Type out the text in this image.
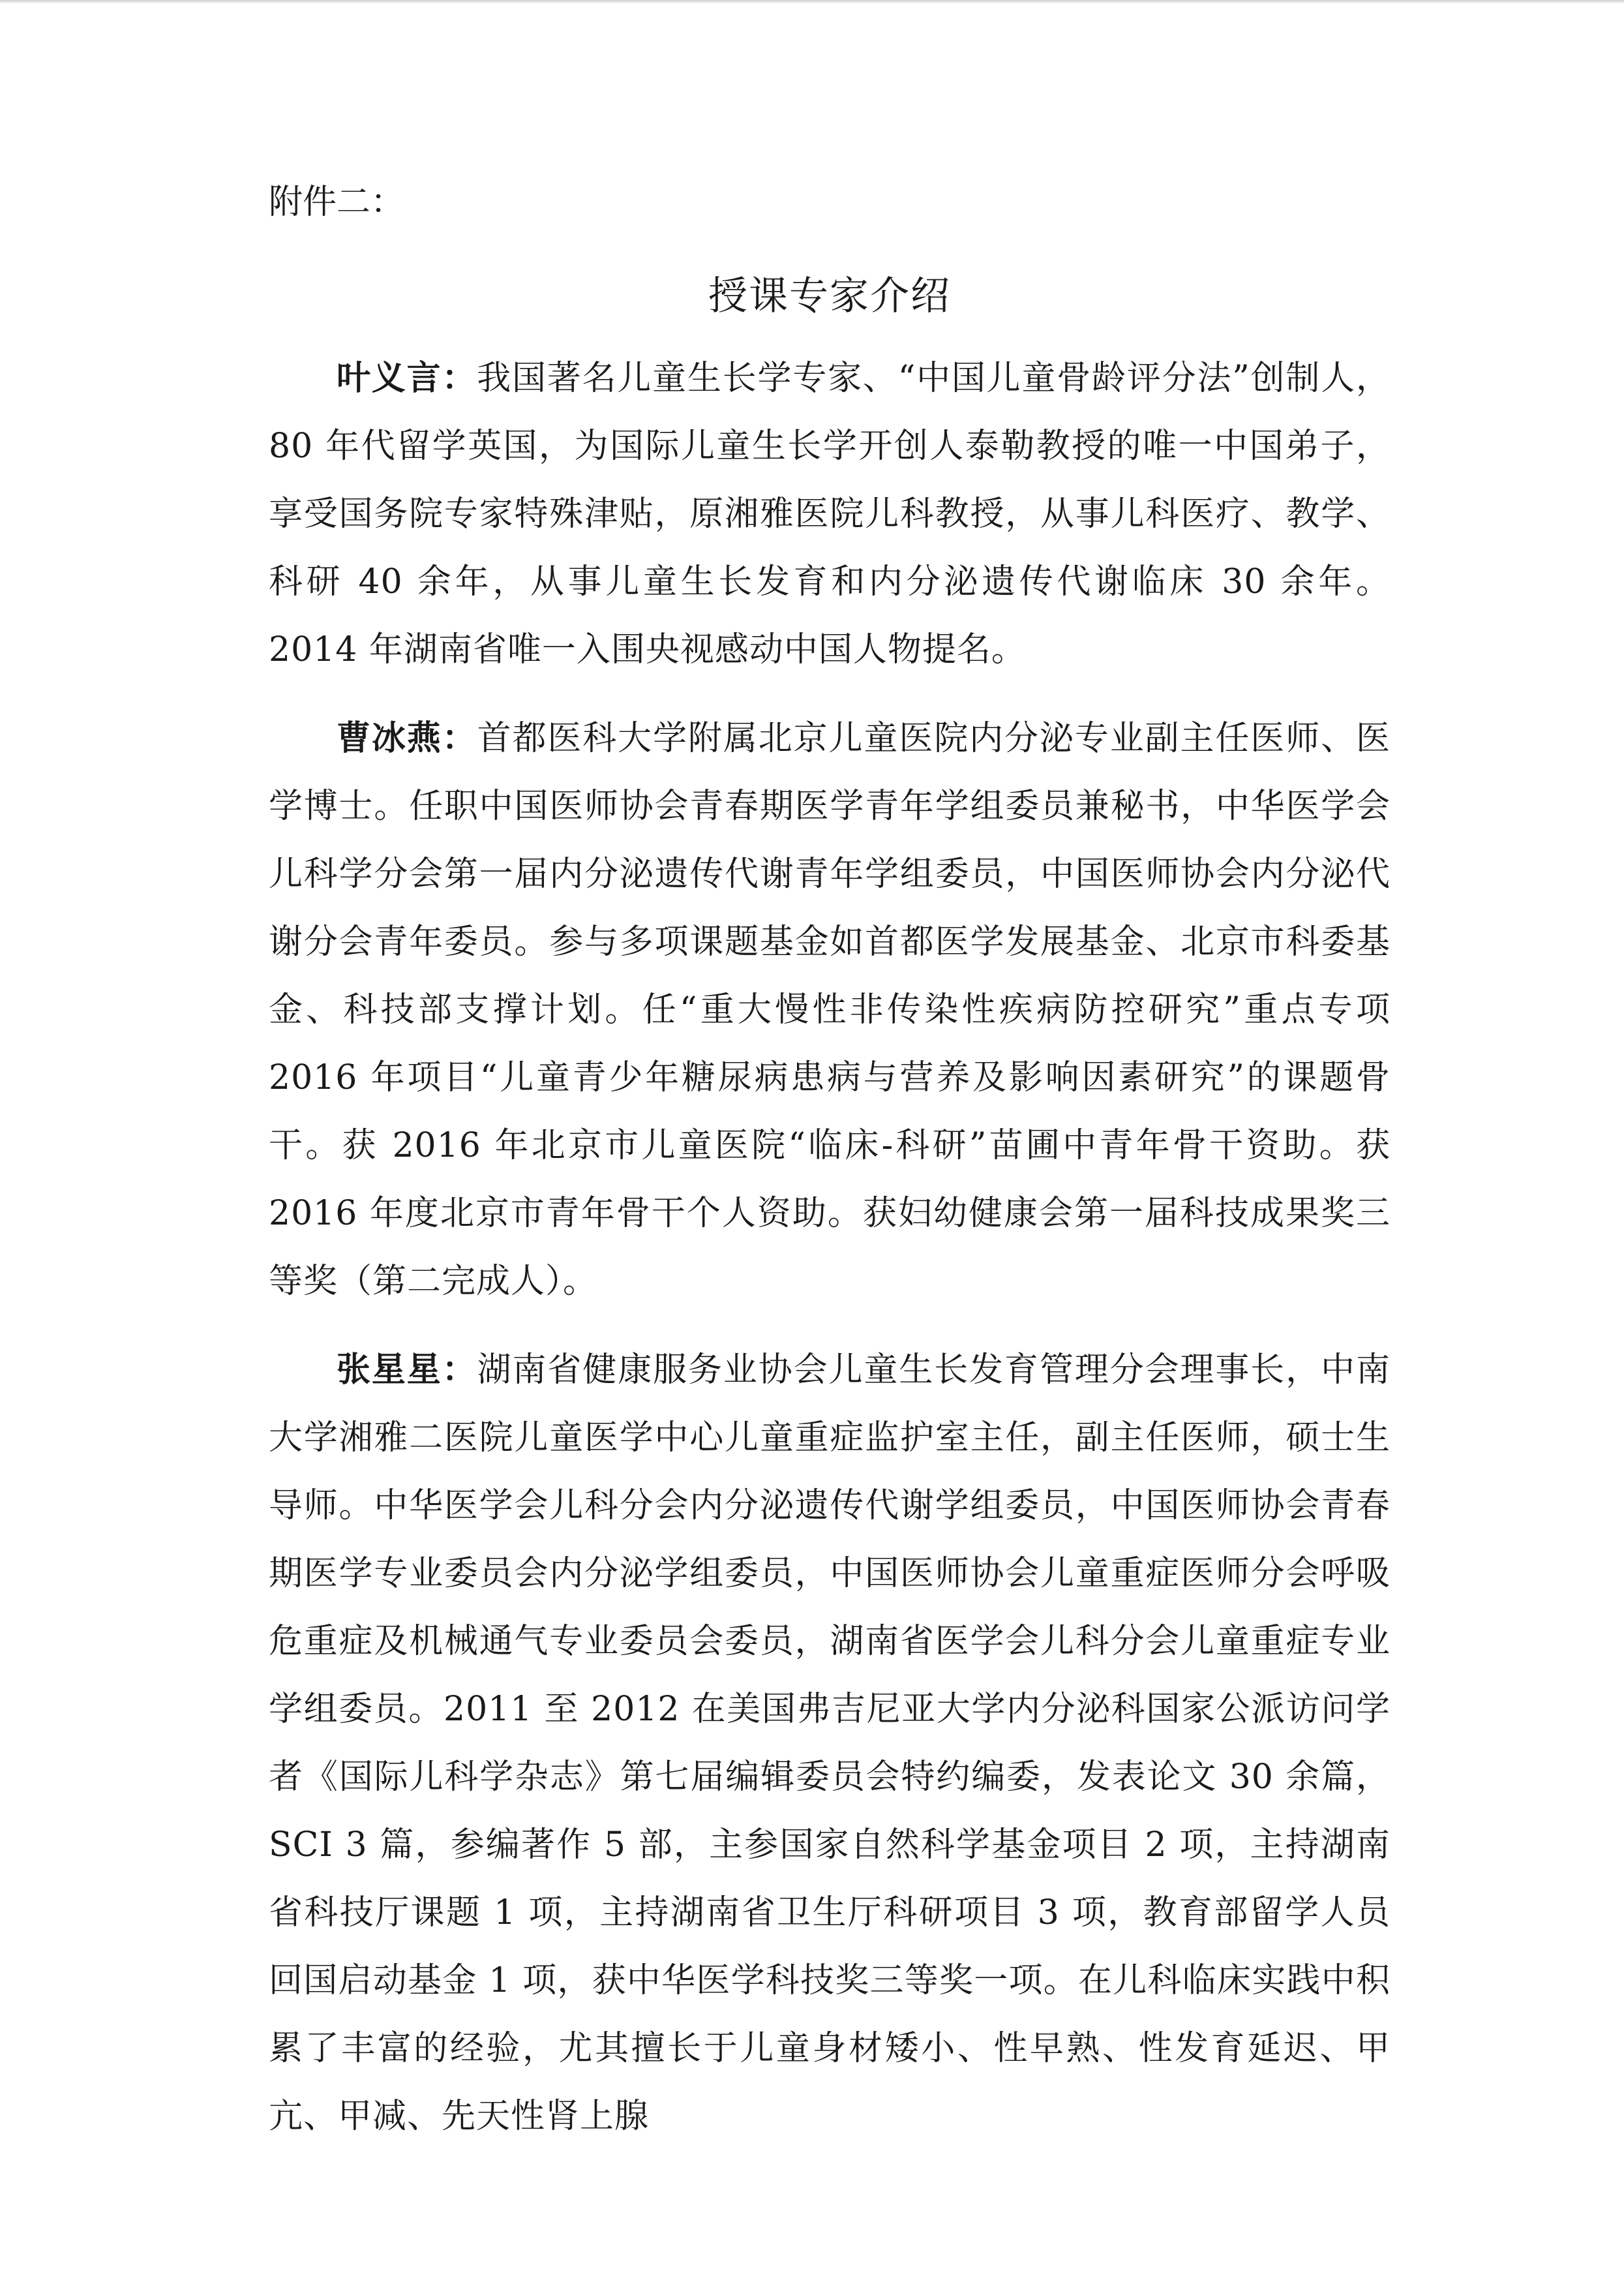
附件二：

授课专家介绍

叶义言：我国著名儿童生长学专家、“中国儿童骨龄评分法”创制人，80 年代留学英国，为国际儿童生长学开创人泰勒教授的唯一中国弟子，享受国务院专家特殊津贴，原湘雅医院儿科教授，从事儿科医疗、教学、科研 40 余年，从事儿童生长发育和内分泌遗传代谢临床 30 余年。2014 年湖南省唯一入围央视感动中国人物提名。

曹冰燕：首都医科大学附属北京儿童医院内分泌专业副主任医师、医学博士。任职中国医师协会青春期医学青年学组委员兼秘书，中华医学会儿科学分会第一届内分泌遗传代谢青年学组委员，中国医师协会内分泌代谢分会青年委员。参与多项课题基金如首都医学发展基金、北京市科委基金、科技部支撑计划。任“重大慢性非传染性疾病防控研究”重点专项 2016 年项目“儿童青少年糖尿病患病与营养及影响因素研究”的课题骨干。获 2016 年北京市儿童医院“临床-科研”苗圃中青年骨干资助。获 2016 年度北京市青年骨干个人资助。获妇幼健康会第一届科技成果奖三等奖（第二完成人）。

张星星：湖南省健康服务业协会儿童生长发育管理分会理事长，中南大学湘雅二医院儿童医学中心儿童重症监护室主任，副主任医师，硕士生导师。中华医学会儿科分会内分泌遗传代谢学组委员，中国医师协会青春期医学专业委员会内分泌学组委员，中国医师协会儿童重症医师分会呼吸危重症及机械通气专业委员会委员，湖南省医学会儿科分会儿童重症专业学组委员。2011 至 2012 在美国弗吉尼亚大学内分泌科国家公派访问学者《国际儿科学杂志》第七届编辑委员会特约编委，发表论文 30 余篇，SCI 3 篇，参编著作 5 部，主参国家自然科学基金项目 2 项，主持湖南省科技厅课题 1 项，主持湖南省卫生厅科研项目 3 项，教育部留学人员回国启动基金 1 项，获中华医学科技奖三等奖一项。在儿科临床实践中积累了丰富的经验，尤其擅长于儿童身材矮小、性早熟、性发育延迟、甲亢、甲减、先天性肾上腺
